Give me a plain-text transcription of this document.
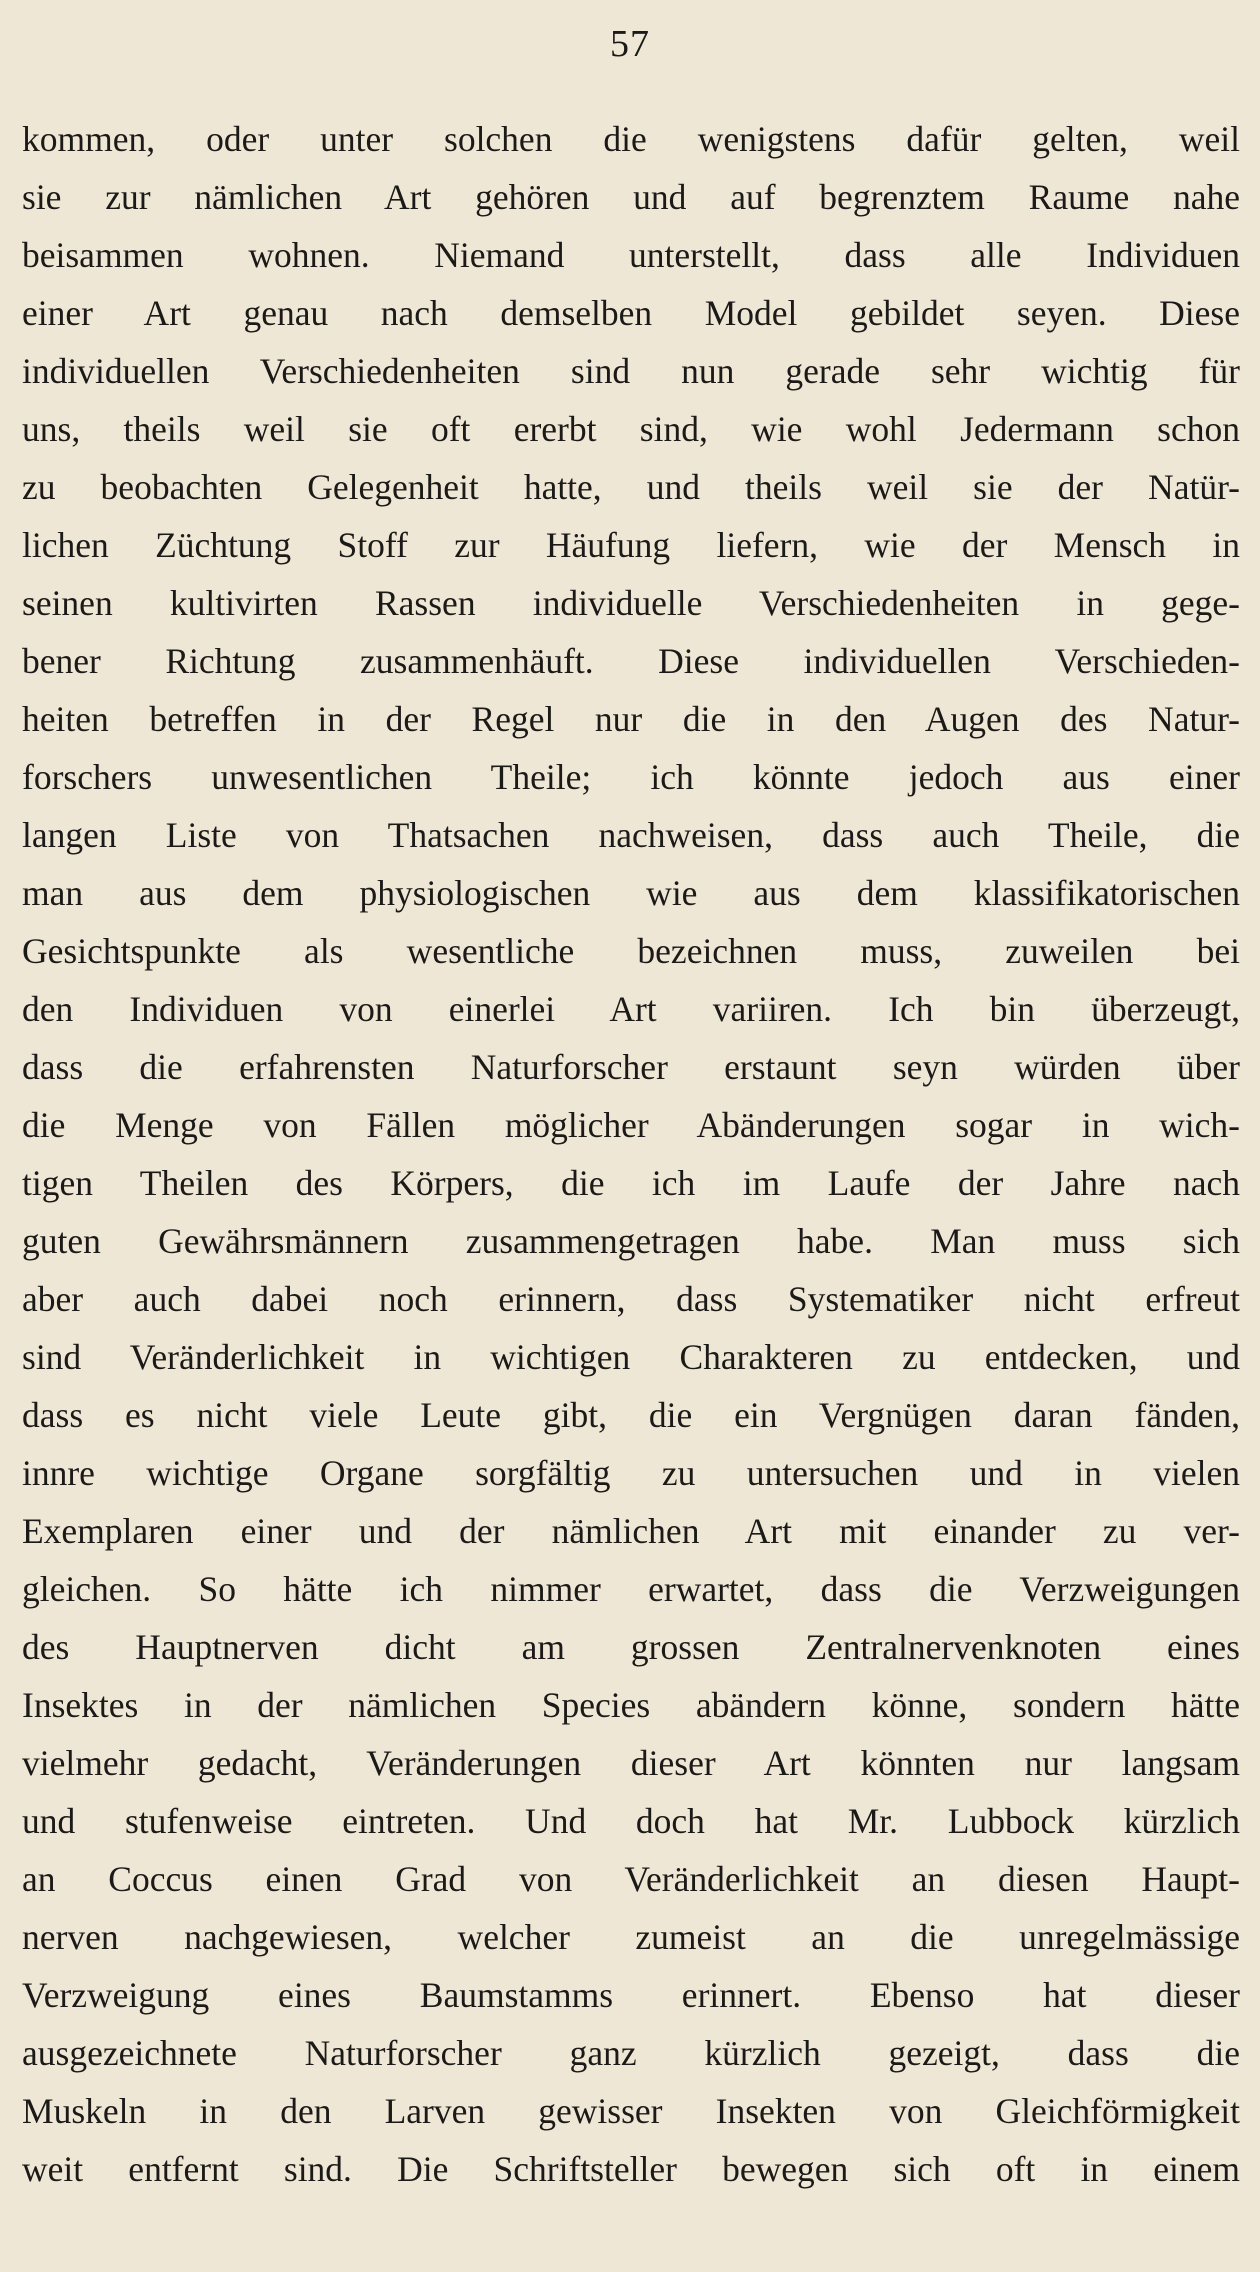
57
kommen, oder unter solchen die wenigstens dafür gelten, weil
sie zur nämlichen Art gehören und auf begrenztem Raume nahe
beisammen wohnen. Niemand unterstellt, dass alle Individuen
einer Art genau nach demselben Model gebildet seyen. Diese
individuellen Verschiedenheiten sind nun gerade sehr wichtig für
uns, theils weil sie oft ererbt sind, wie wohl Jedermann schon
zu beobachten Gelegenheit hatte, und theils weil sie der Natür-
lichen Züchtung Stoff zur Häufung liefern, wie der Mensch in
seinen kultivirten Rassen individuelle Verschiedenheiten in gege-
bener Richtung zusammenhäuft. Diese individuellen Verschieden-
heiten betreffen in der Regel nur die in den Augen des Natur-
forschers unwesentlichen Theile; ich könnte jedoch aus einer
langen Liste von Thatsachen nachweisen, dass auch Theile, die
man aus dem physiologischen wie aus dem klassifikatorischen
Gesichtspunkte als wesentliche bezeichnen muss, zuweilen bei
den Individuen von einerlei Art variiren. Ich bin überzeugt,
dass die erfahrensten Naturforscher erstaunt seyn würden über
die Menge von Fällen möglicher Abänderungen sogar in wich-
tigen Theilen des Körpers, die ich im Laufe der Jahre nach
guten Gewährsmännern zusammengetragen habe. Man muss sich
aber auch dabei noch erinnern, dass Systematiker nicht erfreut
sind Veränderlichkeit in wichtigen Charakteren zu entdecken, und
dass es nicht viele Leute gibt, die ein Vergnügen daran fänden,
innre wichtige Organe sorgfältig zu untersuchen und in vielen
Exemplaren einer und der nämlichen Art mit einander zu ver-
gleichen. So hätte ich nimmer erwartet, dass die Verzweigungen
des Hauptnerven dicht am grossen Zentralnervenknoten eines
Insektes in der nämlichen Species abändern könne, sondern hätte
vielmehr gedacht, Veränderungen dieser Art könnten nur langsam
und stufenweise eintreten. Und doch hat Mr. Lubbock kürzlich
an Coccus einen Grad von Veränderlichkeit an diesen Haupt-
nerven nachgewiesen, welcher zumeist an die unregelmässige
Verzweigung eines Baumstamms erinnert. Ebenso hat dieser
ausgezeichnete Naturforscher ganz kürzlich gezeigt, dass die
Muskeln in den Larven gewisser Insekten von Gleichförmigkeit
weit entfernt sind. Die Schriftsteller bewegen sich oft in einem
